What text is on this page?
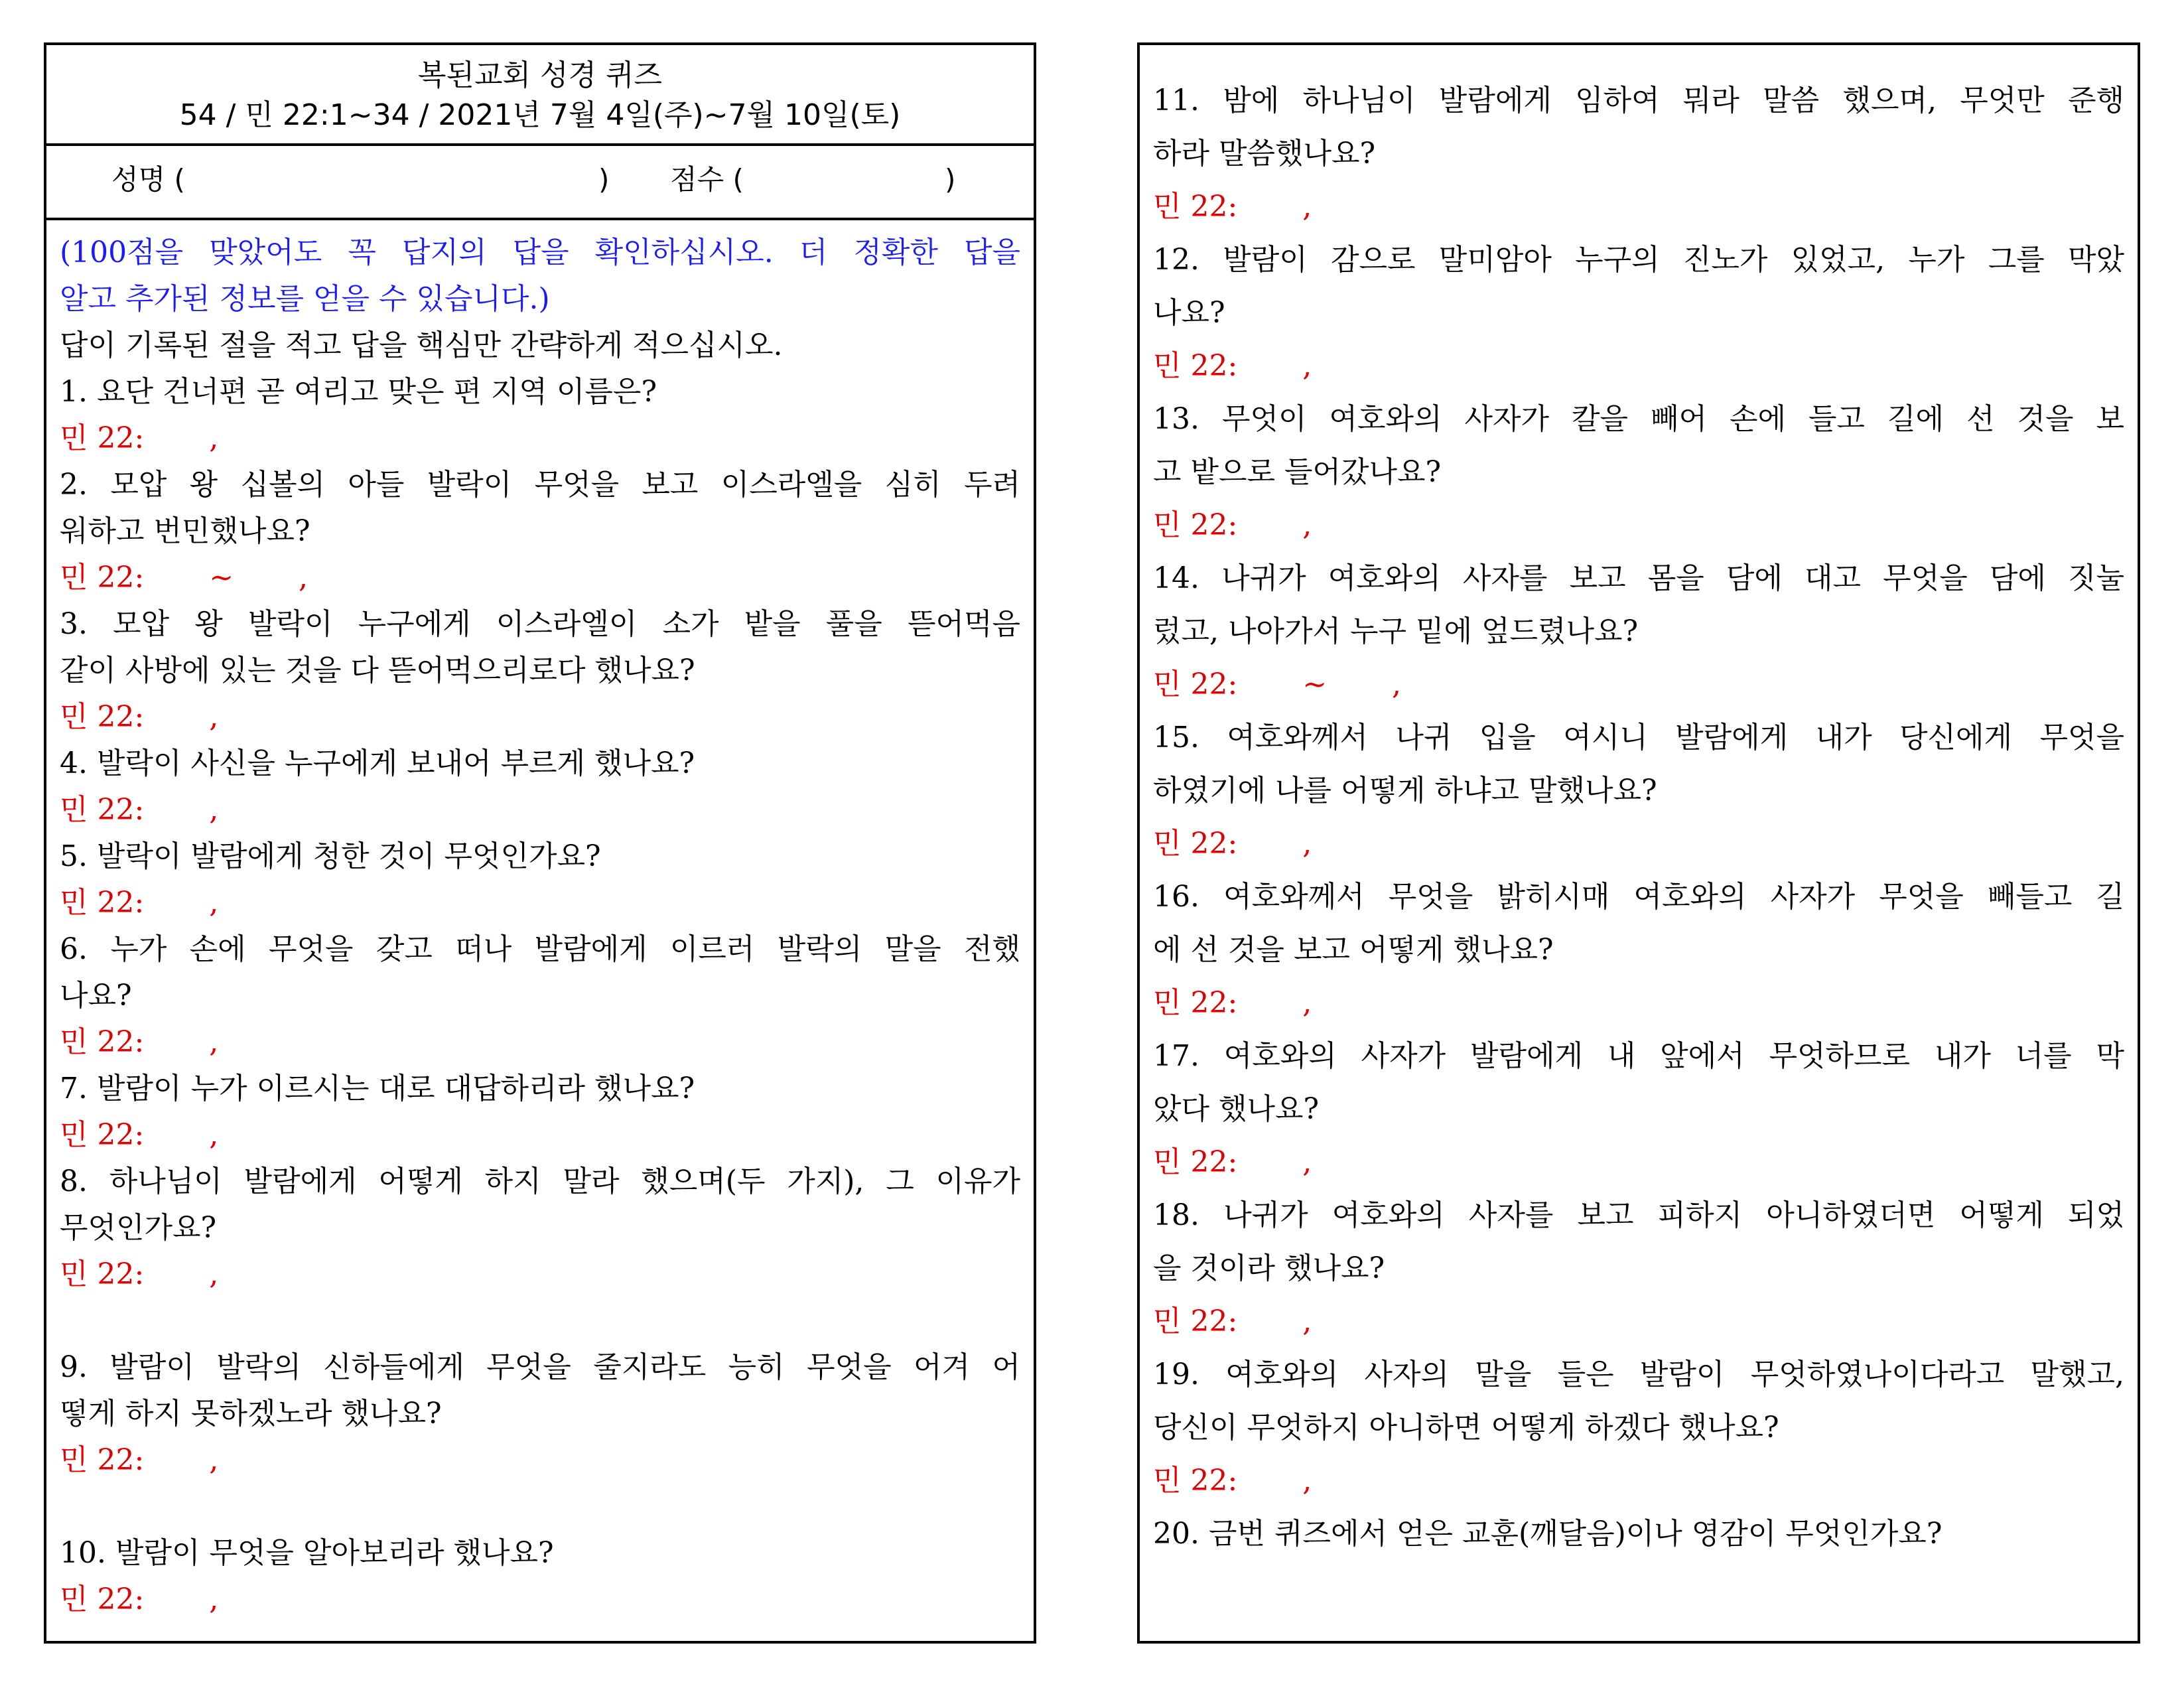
복된교회 성경 퀴즈
54 / 민 22:1~34 / 2021년 7월 4일(주)~7월 10일(토)
성명 (	) 점수 (	)
(100점을 맞았어도 꼭 답지의 답을 확인하십시오. 더 정확한 답을
알고 추가된 정보를 얻을 수 있습니다.)
답이 기록된 절을 적고 답을 핵심만 간략하게 적으십시오.
1. 요단 건너편 곧 여리고 맞은 편 지역 이름은?
민 22:       ,
2. 모압 왕 십볼의 아들 발락이 무엇을 보고 이스라엘을 심히 두려
워하고 번민했나요?
민 22:       ~       ,
3. 모압 왕 발락이 누구에게 이스라엘이 소가 밭을 풀을 뜯어먹음
같이 사방에 있는 것을 다 뜯어먹으리로다 했나요?
민 22:       ,
4. 발락이 사신을 누구에게 보내어 부르게 했나요?
민 22:       ,
5. 발락이 발람에게 청한 것이 무엇인가요?
민 22:       ,
6. 누가 손에 무엇을 갖고 떠나 발람에게 이르러 발락의 말을 전했
나요?
민 22:       ,
7. 발람이 누가 이르시는 대로 대답하리라 했나요?
민 22:       ,
8. 하나님이 발람에게 어떻게 하지 말라 했으며(두 가지), 그 이유가
무엇인가요?
민 22:       ,
9. 발람이 발락의 신하들에게 무엇을 줄지라도 능히 무엇을 어겨 어
떻게 하지 못하겠노라 했나요?
민 22:       ,
10. 발람이 무엇을 알아보리라 했나요?
민 22:       ,
11. 밤에 하나님이 발람에게 임하여 뭐라 말씀 했으며, 무엇만 준행
하라 말씀했나요?
민 22:       ,
12. 발람이 감으로 말미암아 누구의 진노가 있었고, 누가 그를 막았
나요?
민 22:       ,
13. 무엇이 여호와의 사자가 칼을 빼어 손에 들고 길에 선 것을 보
고 밭으로 들어갔나요?
민 22:       ,
14. 나귀가 여호와의 사자를 보고 몸을 담에 대고 무엇을 담에 짓눌
렀고, 나아가서 누구 밑에 엎드렸나요?
민 22:       ~       ,
15. 여호와께서 나귀 입을 여시니 발람에게 내가 당신에게 무엇을
하였기에 나를 어떻게 하냐고 말했나요?
민 22:       ,
16. 여호와께서 무엇을 밝히시매 여호와의 사자가 무엇을 빼들고 길
에 선 것을 보고 어떻게 했나요?
민 22:       ,
17. 여호와의 사자가 발람에게 내 앞에서 무엇하므로 내가 너를 막
았다 했나요?
민 22:       ,
18. 나귀가 여호와의 사자를 보고 피하지 아니하였더면 어떻게 되었
을 것이라 했나요?
민 22:       ,
19. 여호와의 사자의 말을 들은 발람이 무엇하였나이다라고 말했고,
당신이 무엇하지 아니하면 어떻게 하겠다 했나요?
민 22:       ,
20. 금번 퀴즈에서 얻은 교훈(깨달음)이나 영감이 무엇인가요?
